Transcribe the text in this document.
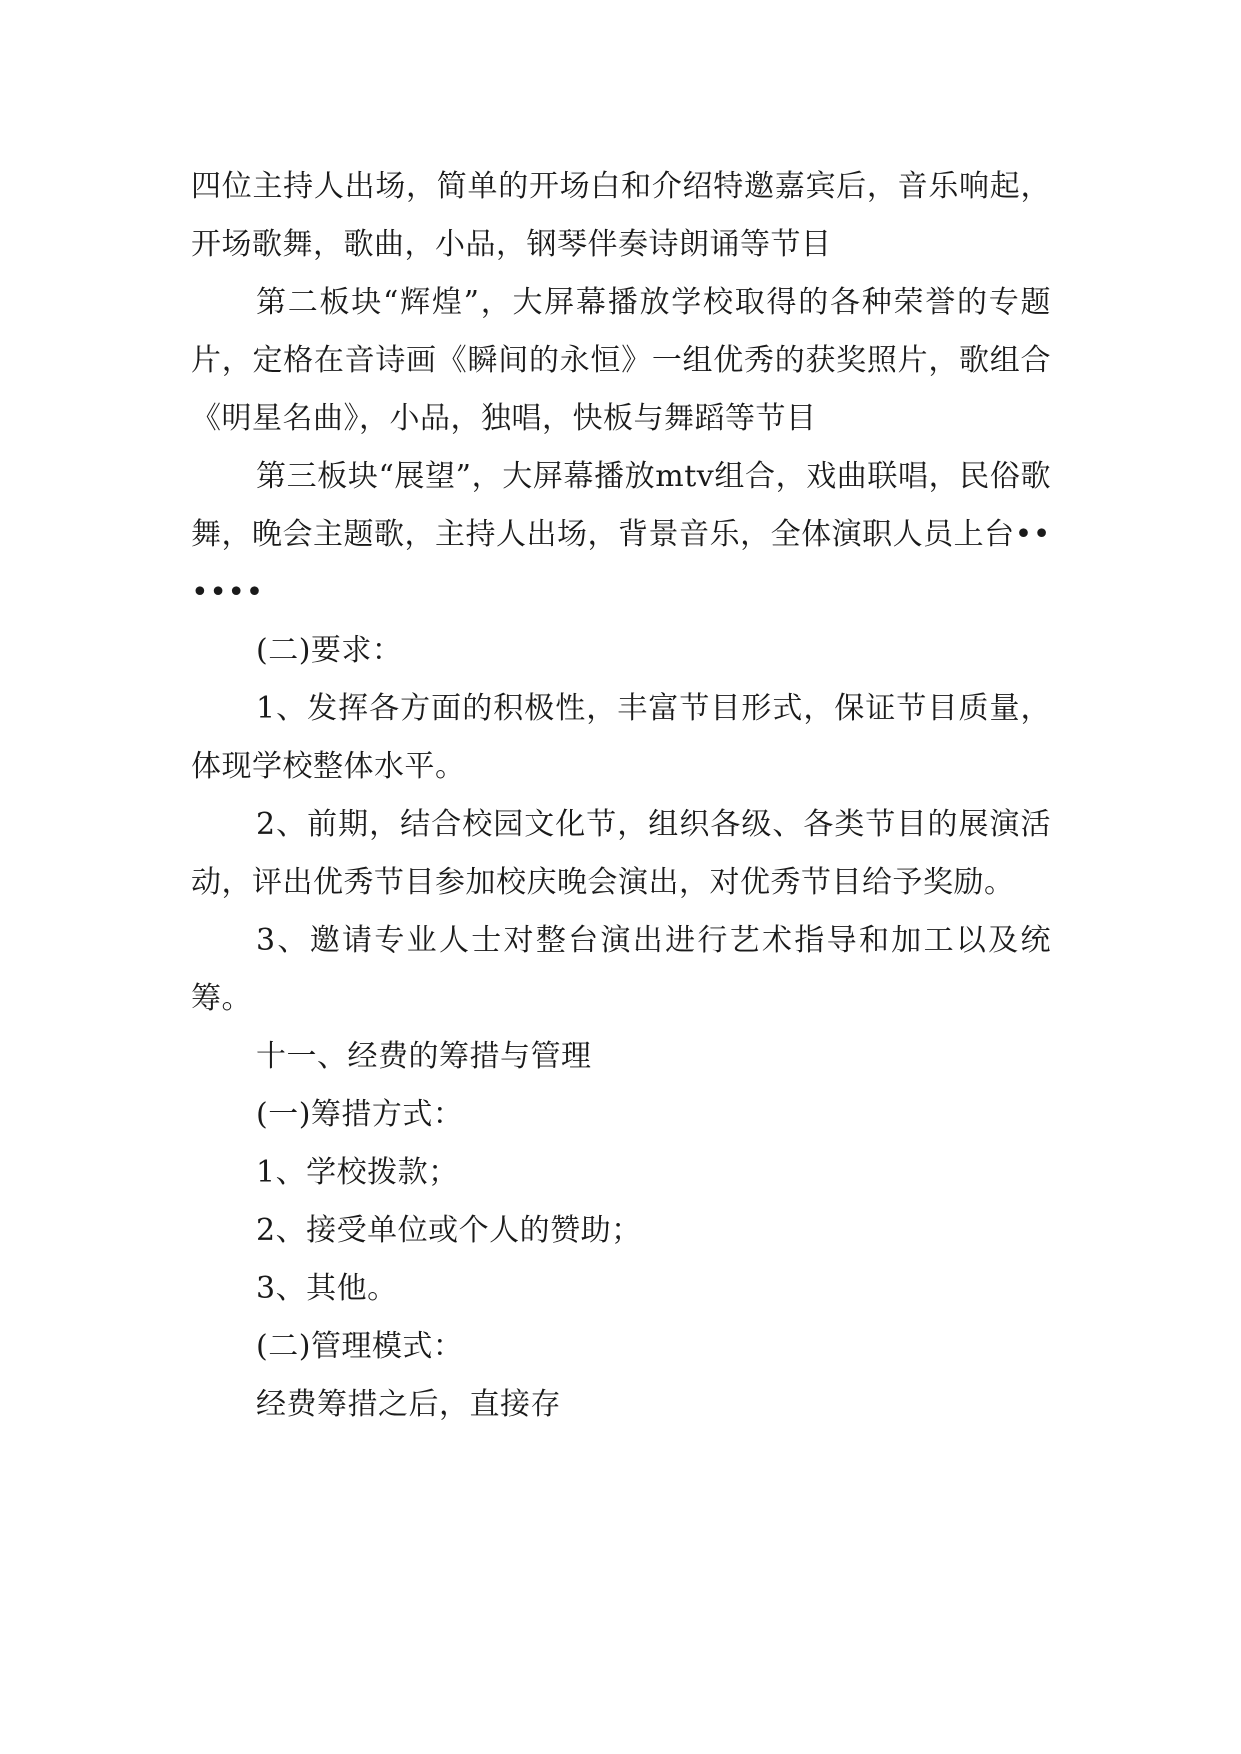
四位主持人出场，简单的开场白和介绍特邀嘉宾后，音乐响起，开场歌舞，歌曲，小品，钢琴伴奏诗朗诵等节目

第二板块“辉煌”，大屏幕播放学校取得的各种荣誉的专题片，定格在音诗画《瞬间的永恒》一组优秀的获奖照片，歌组合《明星名曲》，小品，独唱，快板与舞蹈等节目

第三板块“展望”，大屏幕播放mtv组合，戏曲联唱，民俗歌舞，晚会主题歌，主持人出场，背景音乐，全体演职人员上台••••••

(二)要求：

1、发挥各方面的积极性，丰富节目形式，保证节目质量，体现学校整体水平。

2、前期，结合校园文化节，组织各级、各类节目的展演活动，评出优秀节目参加校庆晚会演出，对优秀节目给予奖励。

3、邀请专业人士对整台演出进行艺术指导和加工以及统筹。

十一、经费的筹措与管理

(一)筹措方式：

1、学校拨款；

2、接受单位或个人的赞助；

3、其他。

(二)管理模式：

经费筹措之后，直接存
